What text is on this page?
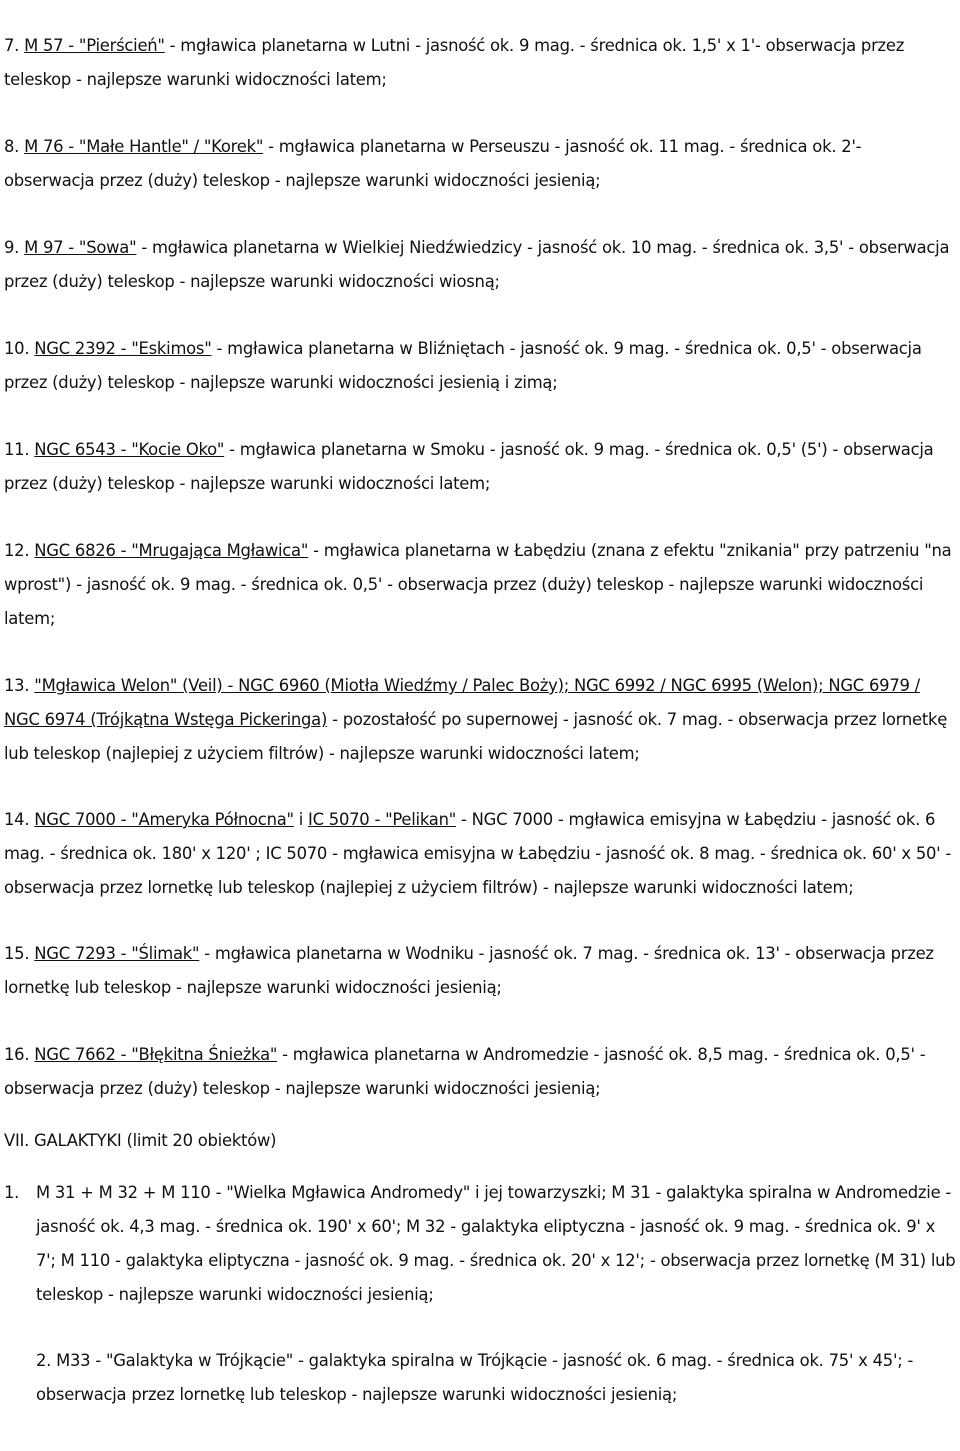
7. M 57 - "Pierścień" - mgławica planetarna w Lutni - jasność ok. 9 mag. - średnica ok. 1,5' x 1'- obserwacja przez teleskop - najlepsze warunki widoczności latem;
8. M 76 - "Małe Hantle" / "Korek" - mgławica planetarna w Perseuszu - jasność ok. 11 mag. - średnica ok. 2'- obserwacja przez (duży) teleskop - najlepsze warunki widoczności jesienią;
9. M 97 - "Sowa" - mgławica planetarna w Wielkiej Niedźwiedzicy - jasność ok. 10 mag. - średnica ok. 3,5' - obserwacja przez (duży) teleskop - najlepsze warunki widoczności wiosną;
10. NGC 2392 - "Eskimos" - mgławica planetarna w Bliźniętach - jasność ok. 9 mag. - średnica ok. 0,5' - obserwacja przez (duży) teleskop - najlepsze warunki widoczności jesienią i zimą;
11. NGC 6543 - "Kocie Oko" - mgławica planetarna w Smoku - jasność ok. 9 mag. - średnica ok. 0,5' (5') - obserwacja przez (duży) teleskop - najlepsze warunki widoczności latem;
12. NGC 6826 - "Mrugająca Mgławica" - mgławica planetarna w Łabędziu (znana z efektu "znikania" przy patrzeniu "na wprost") - jasność ok. 9 mag. - średnica ok. 0,5' - obserwacja przez (duży) teleskop - najlepsze warunki widoczności latem;
13. "Mgławica Welon" (Veil) - NGC 6960 (Miotła Wiedźmy / Palec Boży); NGC 6992 / NGC 6995 (Welon); NGC 6979 / NGC 6974 (Trójkątna Wstęga Pickeringa) - pozostałość po supernowej - jasność ok. 7 mag. - obserwacja przez lornetkę lub teleskop (najlepiej z użyciem filtrów) - najlepsze warunki widoczności latem;
14. NGC 7000 - "Ameryka Północna" i IC 5070 - "Pelikan" - NGC 7000 - mgławica emisyjna w Łabędziu - jasność ok. 6 mag. - średnica ok. 180' x 120' ; IC 5070 - mgławica emisyjna w Łabędziu - jasność ok. 8 mag. - średnica ok. 60' x 50' - obserwacja przez lornetkę lub teleskop (najlepiej z użyciem filtrów) - najlepsze warunki widoczności latem;
15. NGC 7293 - "Ślimak" - mgławica planetarna w Wodniku - jasność ok. 7 mag. - średnica ok. 13' - obserwacja przez lornetkę lub teleskop - najlepsze warunki widoczności jesienią;
16. NGC 7662 - "Błękitna Śnieżka" - mgławica planetarna w Andromedzie - jasność ok. 8,5 mag. - średnica ok. 0,5' - obserwacja przez (duży) teleskop - najlepsze warunki widoczności jesienią;
VII. GALAKTYKI (limit 20 obiektów)
1. M 31 + M 32 + M 110 - "Wielka Mgławica Andromedy" i jej towarzyszki; M 31 - galaktyka spiralna w Andromedzie - jasność ok. 4,3 mag. - średnica ok. 190' x 60'; M 32 - galaktyka eliptyczna - jasność ok. 9 mag. - średnica ok. 9' x 7'; M 110 - galaktyka eliptyczna - jasność ok. 9 mag. - średnica ok. 20' x 12'; - obserwacja przez lornetkę (M 31) lub teleskop - najlepsze warunki widoczności jesienią;
2. M33 - "Galaktyka w Trójkącie" - galaktyka spiralna w Trójkącie - jasność ok. 6 mag. - średnica ok. 75' x 45'; - obserwacja przez lornetkę lub teleskop - najlepsze warunki widoczności jesienią;
